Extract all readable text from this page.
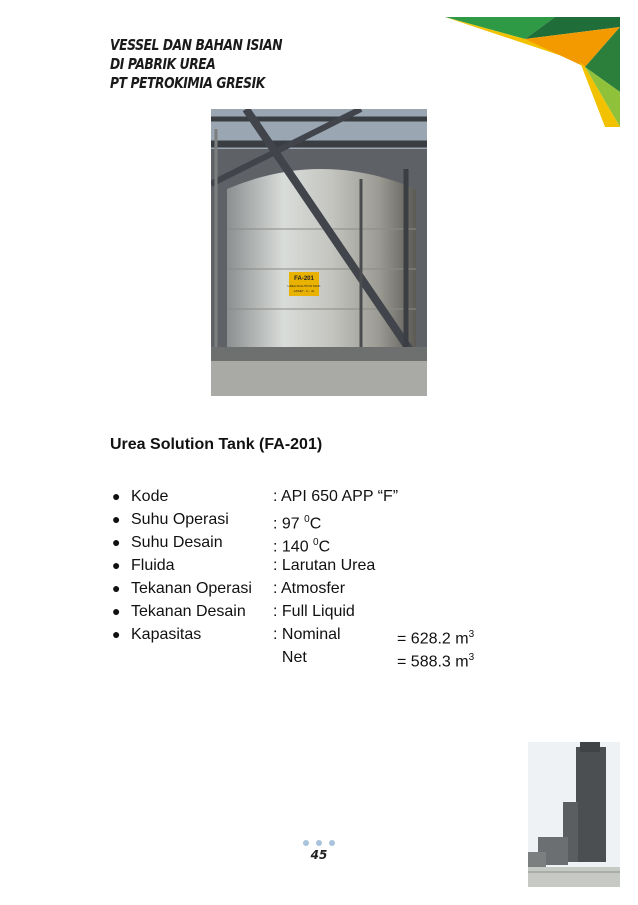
VESSEL DAN BAHAN ISIAN
DI PABRIK UREA
PT PETROKIMIA GRESIK
FA-201
UREA SOLUTION TANK
ASSET - U - 41
Urea Solution Tank (FA-201)
● Kode	: API 650 APP “F”
● Suhu Operasi	: 97 $^0$C
● Suhu Desain	: 140 $^0$C
● Fluida	: Larutan Urea
● Tekanan Operasi : Atmosfer
● Tekanan Desain : Full Liquid
● Kapasitas	: Nominal	= 628.2 $m^3$
Net	= 588.3 $m^3$
45
